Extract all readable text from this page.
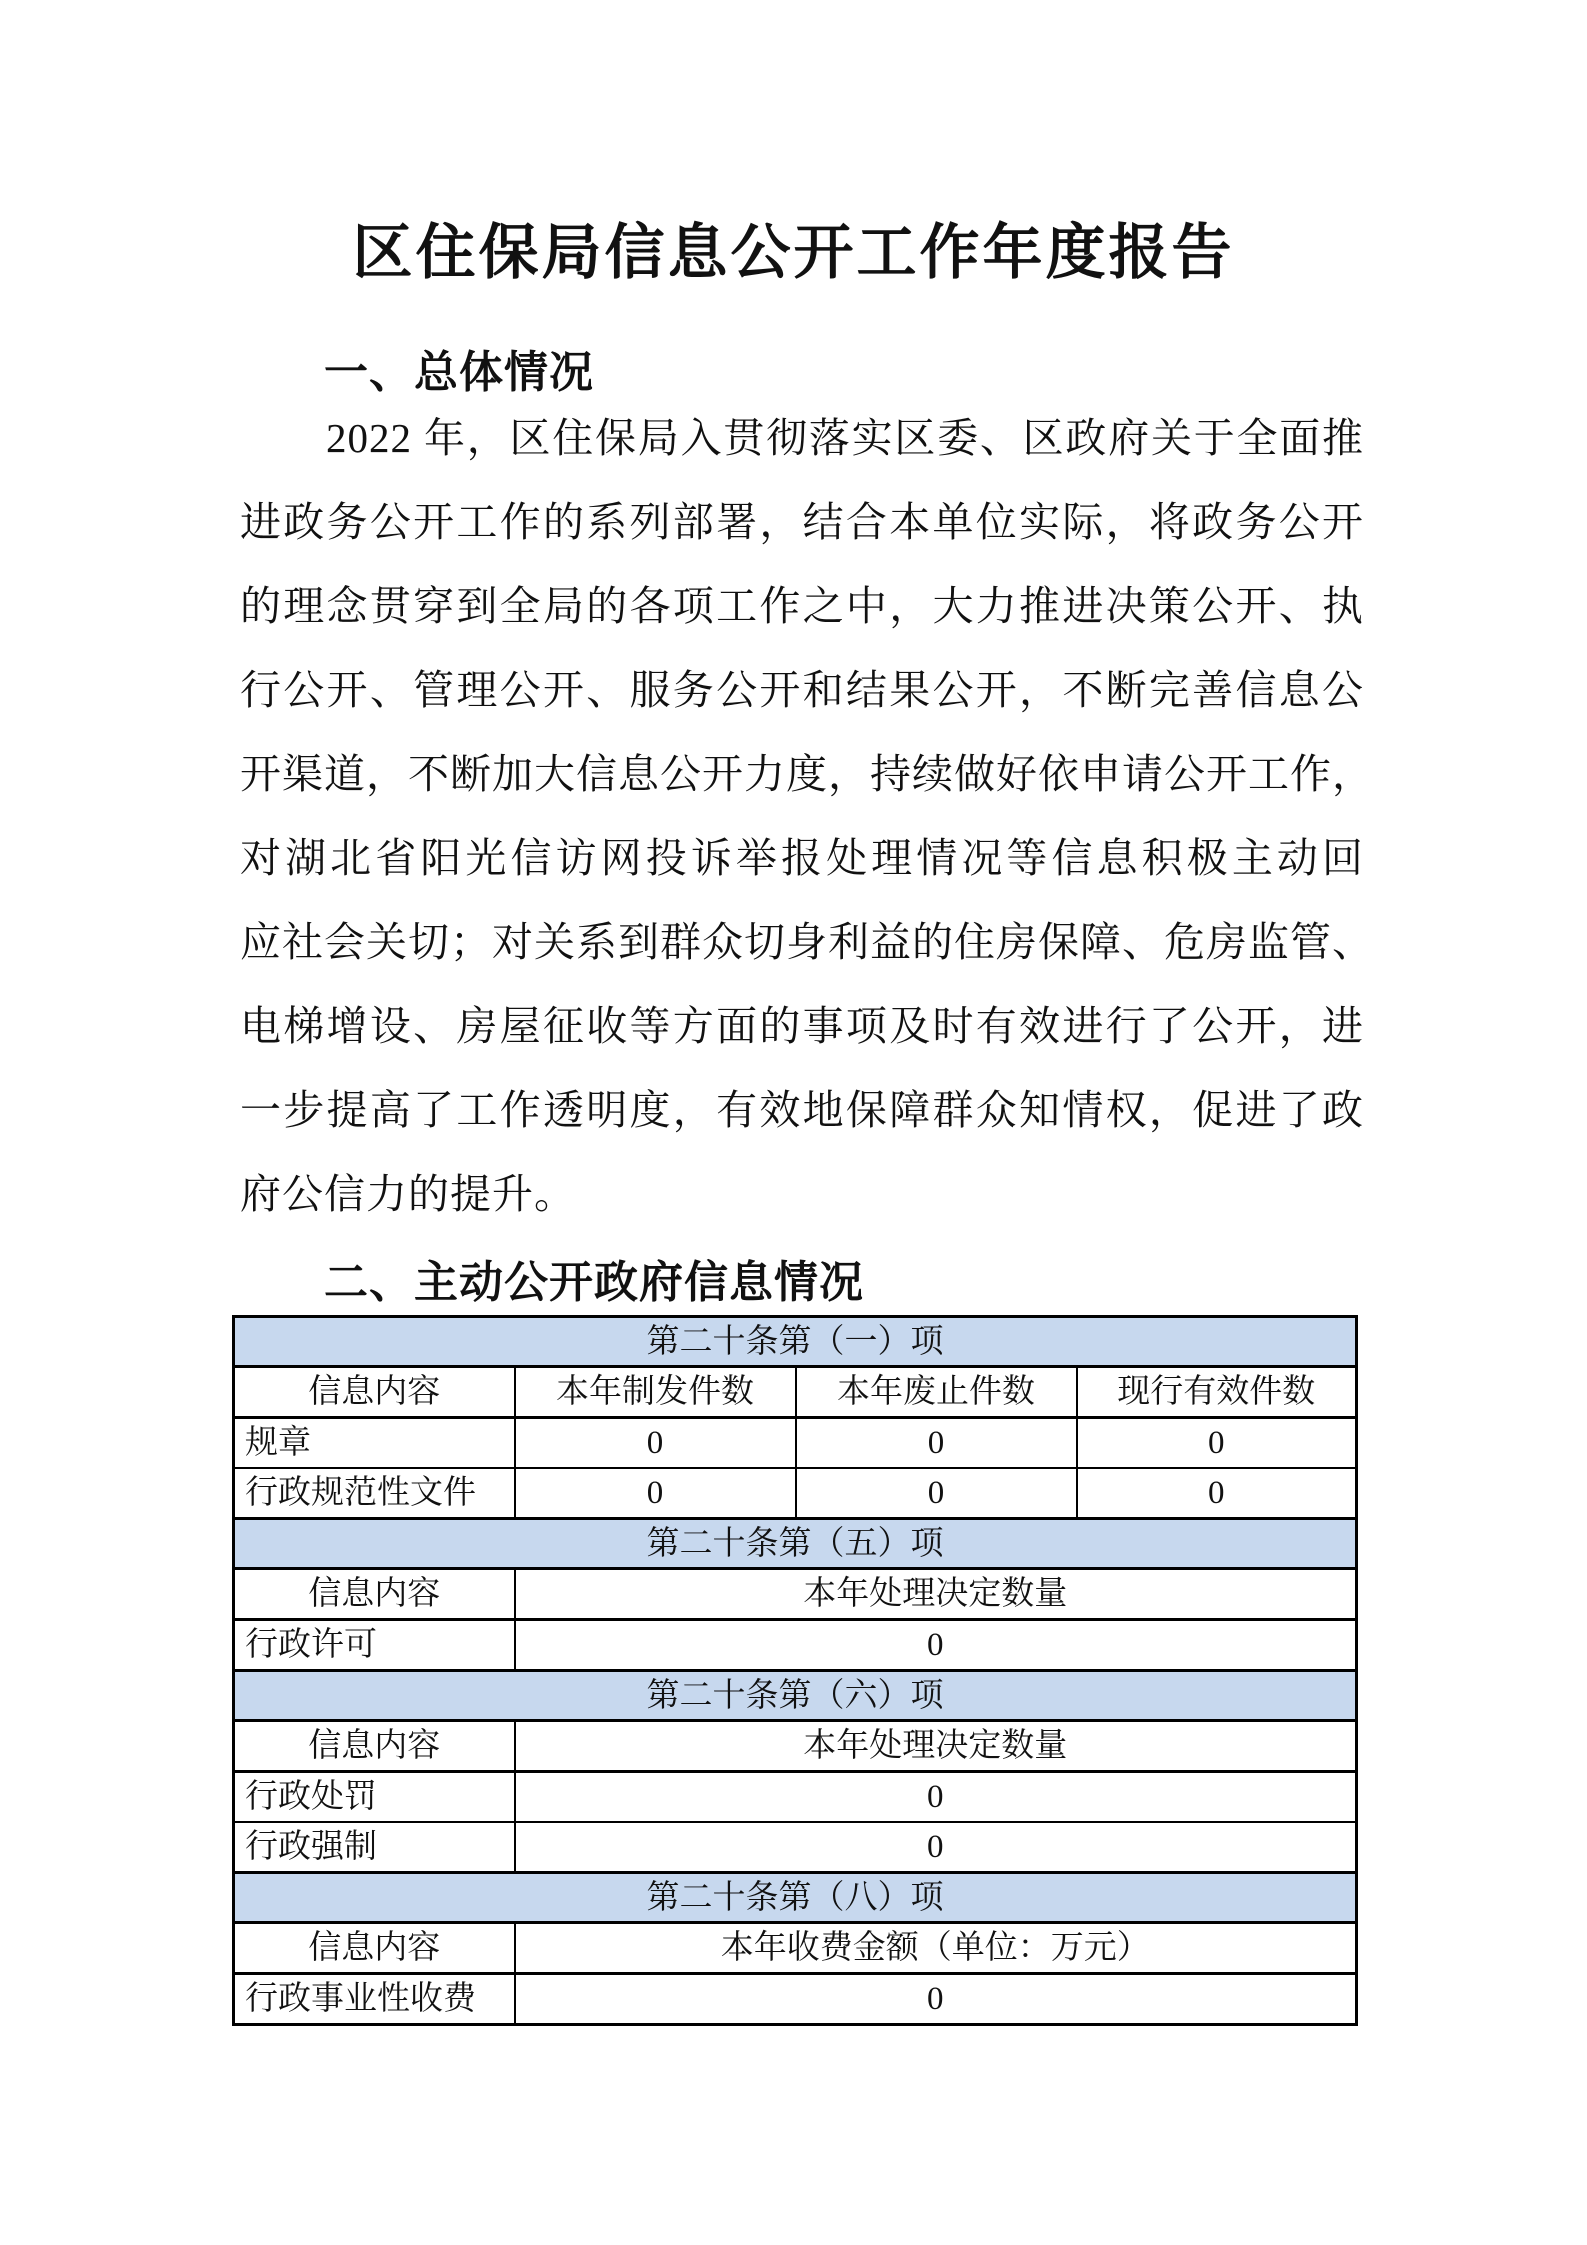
区住保局信息公开工作年度报告
一、总体情况
2022 年，区住保局入贯彻落实区委、区政府关于全面推
进政务公开工作的系列部署，结合本单位实际，将政务公开
的理念贯穿到全局的各项工作之中，大力推进决策公开、执
行公开、管理公开、服务公开和结果公开，不断完善信息公
开渠道，不断加大信息公开力度，持续做好依申请公开工作，
对湖北省阳光信访网投诉举报处理情况等信息积极主动回
应社会关切；对关系到群众切身利益的住房保障、危房监管、
电梯增设、房屋征收等方面的事项及时有效进行了公开，进
一步提高了工作透明度，有效地保障群众知情权，促进了政
府公信力的提升。
二、主动公开政府信息情况
第二十条第（一）项			
信息内容	本年制发件数	本年废止件数	现行有效件数
规章	0	0	0
行政规范性文件	0	0	0
第二十条第（五）项			
信息内容	本年处理决定数量		
行政许可	0		
第二十条第（六）项			
信息内容	本年处理决定数量		
行政处罚	0		
行政强制	0		
第二十条第（八）项			
信息内容	本年收费金额（单位：万元）		
行政事业性收费	0		
